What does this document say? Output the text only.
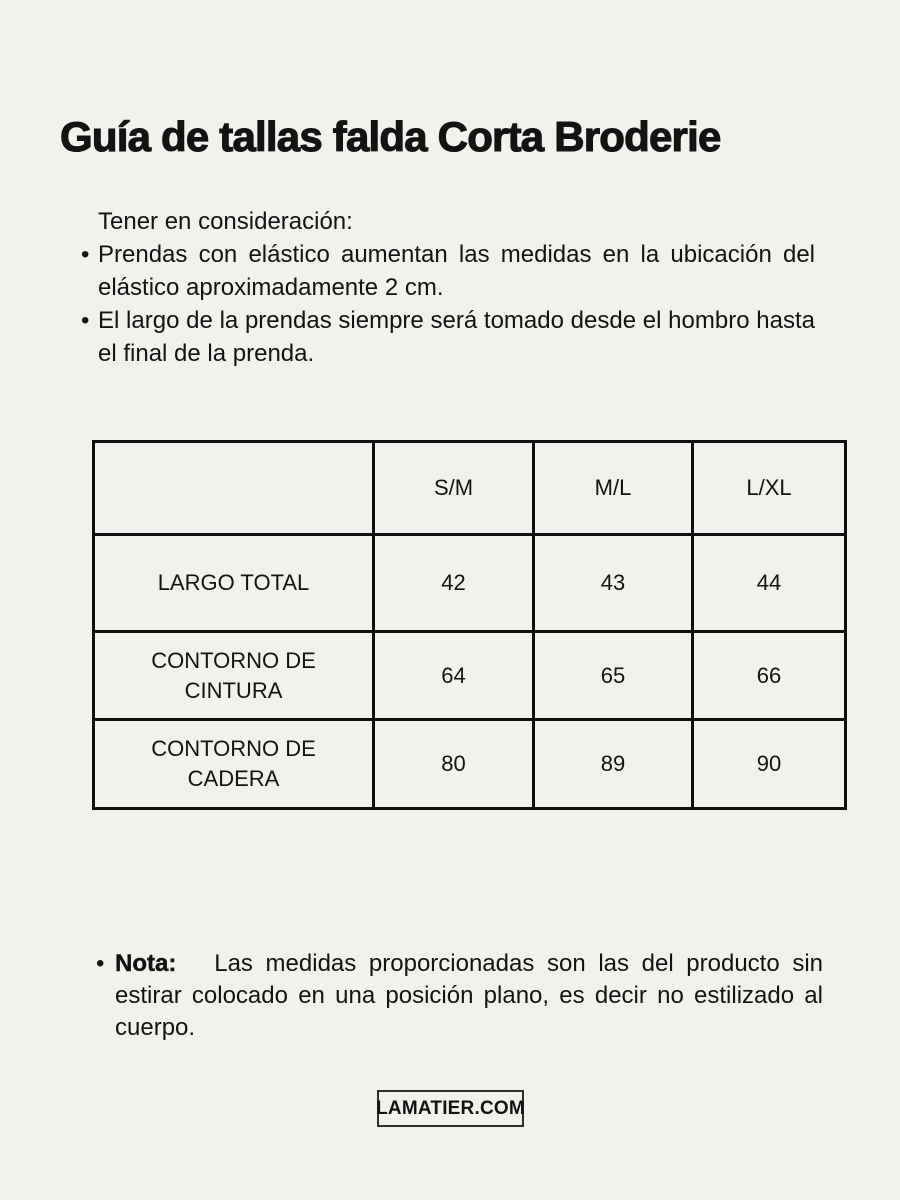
Guía de tallas falda Corta Broderie

Tener en consideración:

• Prendas con elástico aumentan las medidas en la ubicación del elástico aproximadamente 2 cm.

• El largo de la prendas siempre será tomado desde el hombro hasta el final de la prenda.

	S/M	M/L	L/XL
LARGO TOTAL	42	43	44
CONTORNO DE CINTURA	64	65	66
CONTORNO DE CADERA	80	89	90
• Nota: Las medidas proporcionadas son las del producto sin estirar colocado en una posición plano, es decir no estilizado al cuerpo.

LAMATIER.COM
